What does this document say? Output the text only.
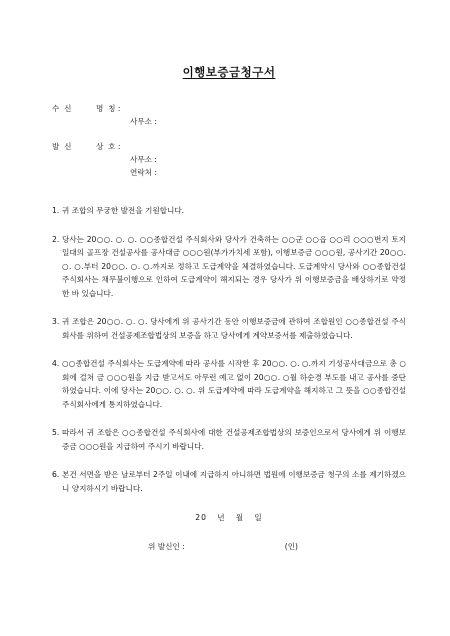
이행보증금청구서
수  신	명  칭 :
사무소 :
발  신	상  호 :
사무소 :
연락처 :
1. 귀 조합의 무궁한 발전을 기원합니다.
2. 당사는 20○○. ○. ○. ○○종합건설 주식회사와 당사가 건축하는 ○○군 ○○읍 ○○리 ○○○번지 토지 일대의 골프장 건설공사를 공사대금 ○○○원(부가가치세 포함), 이행보증금 ○○○원, 공사기간 20○○. ○. ○.부터 20○○. ○. ○.까지로 정하고 도급계약을 체결하였습니다. 도급계약시 당사와 ○○종합건설 주식회사는 채무불이행으로 인하여 도급계약이 해지되는 경우 당사가 위 이행보증금을 배상하기로 약정한 바 있습니다.
3. 귀 조합은 20○○. ○. ○. 당사에게 위 공사기간 동안 이행보증금에 관하여 조합원인 ○○종합건설 주식회사를 위하여 건설공제조합법상의 보증을 하고 당사에게 계약보증서를 제출하였습니다.
4. ○○종합건설 주식회사는 도급계약에 따라 공사를 시작한 후 20○○. ○. ○.까지 기성공사대금으로 총 ○회에 걸쳐 금 ○○○원을 지급 받고서도 아무런 예고 없이 20○○. ○월 하순경 부도를 내고 공사를 중단하였습니다. 이에 당사는 20○○. ○. ○. 위 도급계약에 따라 도급계약을 해지하고 그 뜻을 ○○종합건설 주식회사에게 통지하였습니다.
5. 따라서 귀 조합은 ○○종합건설 주식회사에 대한 건설공제조합법상의 보증인으로서 당사에게 위 이행보증금 ○○○원을 지급하여 주시기 바랍니다.
6. 본건 서면을 받은 날로부터 2주일 이내에 지급하지 아니하면 법원에 이행보증금 청구의 소를 제기하겠으니 양지하시기 바랍니다.
20   년   월   일
위 발신인 :	(인)
